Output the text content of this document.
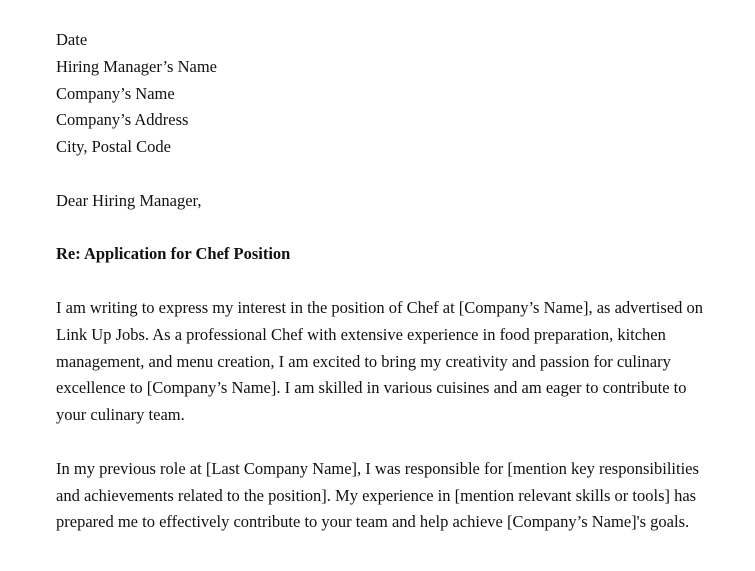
Date
Hiring Manager’s Name
Company’s Name
Company’s Address
City, Postal Code

Dear Hiring Manager,

Re: Application for Chef Position

I am writing to express my interest in the position of Chef at [Company’s Name], as advertised on Link Up Jobs. As a professional Chef with extensive experience in food preparation, kitchen management, and menu creation, I am excited to bring my creativity and passion for culinary excellence to [Company’s Name]. I am skilled in various cuisines and am eager to contribute to your culinary team.

In my previous role at [Last Company Name], I was responsible for [mention key responsibilities and achievements related to the position]. My experience in [mention relevant skills or tools] has prepared me to effectively contribute to your team and help achieve [Company’s Name]'s goals.
